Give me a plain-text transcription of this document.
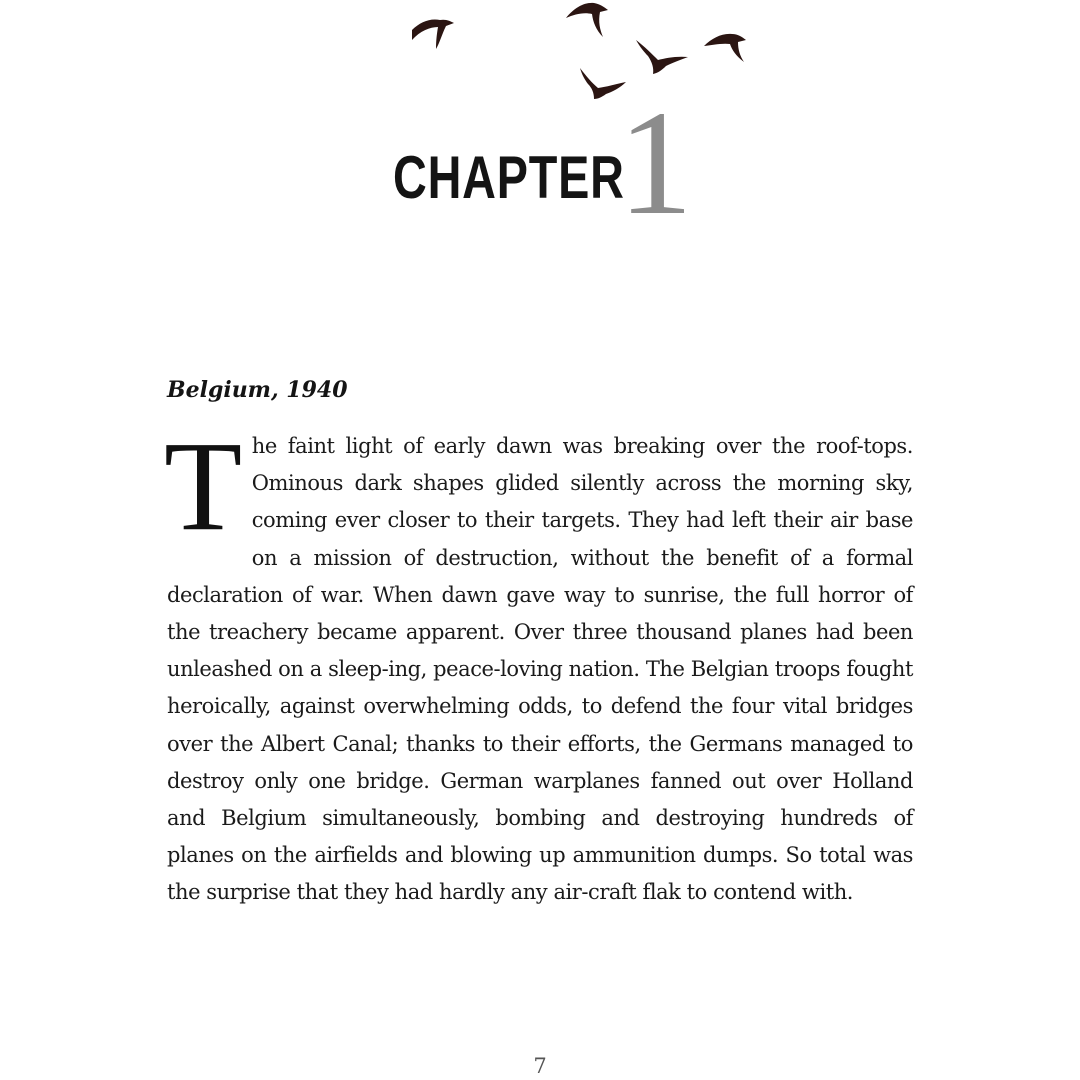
CHAPTER
1
Belgium, 1940

The faint light of early dawn was breaking over the roof-tops. Ominous dark shapes glided silently across the morning sky, coming ever closer to their targets. They had left their air base on a mission of destruction, without the benefit of a formal declaration of war. When dawn gave way to sunrise, the full horror of the treachery became apparent. Over three thousand planes had been unleashed on a sleep-ing, peace-loving nation. The Belgian troops fought heroically, against overwhelming odds, to defend the four vital bridges over the Albert Canal; thanks to their efforts, the Germans managed to destroy only one bridge. German warplanes fanned out over Holland and Belgium simultaneously, bombing and destroying hundreds of planes on the airfields and blowing up ammunition dumps. So total was the surprise that they had hardly any air-craft flak to contend with.

7
